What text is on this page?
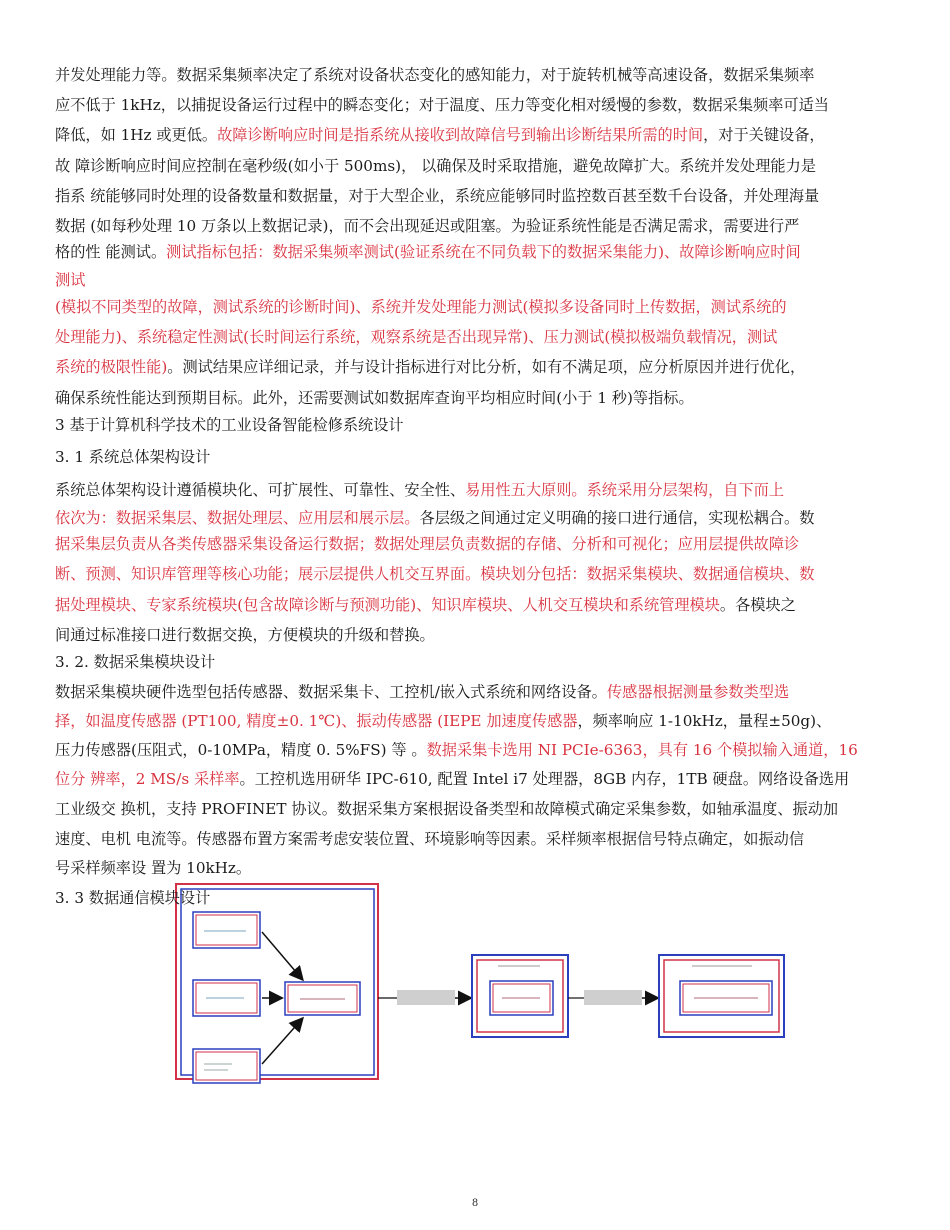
并发处理能力等。数据采集频率决定了系统对设备状态变化的感知能力，对于旋转机械等高速设备，数据采集频率
应不低于 1kHz，以捕捉设备运行过程中的瞬态变化；对于温度、压力等变化相对缓慢的参数，数据采集频率可适当
降低，如 1Hz 或更低。故障诊断响应时间是指系统从接收到故障信号到输出诊断结果所需的时间，对于关键设备，
故 障诊断响应时间应控制在毫秒级(如小于 500ms)， 以确保及时采取措施，避免故障扩大。系统并发处理能力是
指系 统能够同时处理的设备数量和数据量，对于大型企业，系统应能够同时监控数百甚至数千台设备，并处理海量
数据 (如每秒处理 10 万条以上数据记录)，而不会出现延迟或阻塞。为验证系统性能是否满足需求，需要进行严
格的性 能测试。测试指标包括：数据采集频率测试(验证系统在不同负载下的数据采集能力)、故障诊断响应时间
测试
(模拟不同类型的故障，测试系统的诊断时间)、系统并发处理能力测试(模拟多设备同时上传数据，测试系统的
处理能力)、系统稳定性测试(长时间运行系统，观察系统是否出现异常)、压力测试(模拟极端负载情况，测试
系统的极限性能)。测试结果应详细记录，并与设计指标进行对比分析，如有不满足项，应分析原因并进行优化，
确保系统性能达到预期目标。此外，还需要测试如数据库查询平均相应时间(小于 1 秒)等指标。
3 基于计算机科学技术的工业设备智能检修系统设计
3. 1 系统总体架构设计
系统总体架构设计遵循模块化、可扩展性、可靠性、安全性、易用性五大原则。系统采用分层架构，自下而上
依次为：数据采集层、数据处理层、应用层和展示层。各层级之间通过定义明确的接口进行通信，实现松耦合。数
据采集层负责从各类传感器采集设备运行数据；数据处理层负责数据的存储、分析和可视化；应用层提供故障诊
断、预测、知识库管理等核心功能；展示层提供人机交互界面。模块划分包括：数据采集模块、数据通信模块、数
据处理模块、专家系统模块(包含故障诊断与预测功能)、知识库模块、人机交互模块和系统管理模块。各模块之
间通过标准接口进行数据交换，方便模块的升级和替换。
3. 2. 数据采集模块设计
数据采集模块硬件选型包括传感器、数据采集卡、工控机/嵌入式系统和网络设备。传感器根据测量参数类型选
择，如温度传感器 (PT100, 精度±0. 1℃)、振动传感器 (IEPE 加速度传感器，频率响应 1-10kHz，量程±50g)、
压力传感器(压阻式，0-10MPa，精度 0. 5%FS) 等 。数据采集卡选用 NI PCIe-6363，具有 16 个模拟输入通道，16
位分 辨率，2 MS/s 采样率。工控机选用研华 IPC-610, 配置 Intel i7 处理器，8GB 内存，1TB 硬盘。网络设备选用
工业级交 换机，支持 PROFINET 协议。数据采集方案根据设备类型和故障模式确定采集参数，如轴承温度、振动加
速度、电机 电流等。传感器布置方案需考虑安装位置、环境影响等因素。采样频率根据信号特点确定，如振动信
号采样频率设 置为 10kHz。
3. 3 数据通信模块设计
8
